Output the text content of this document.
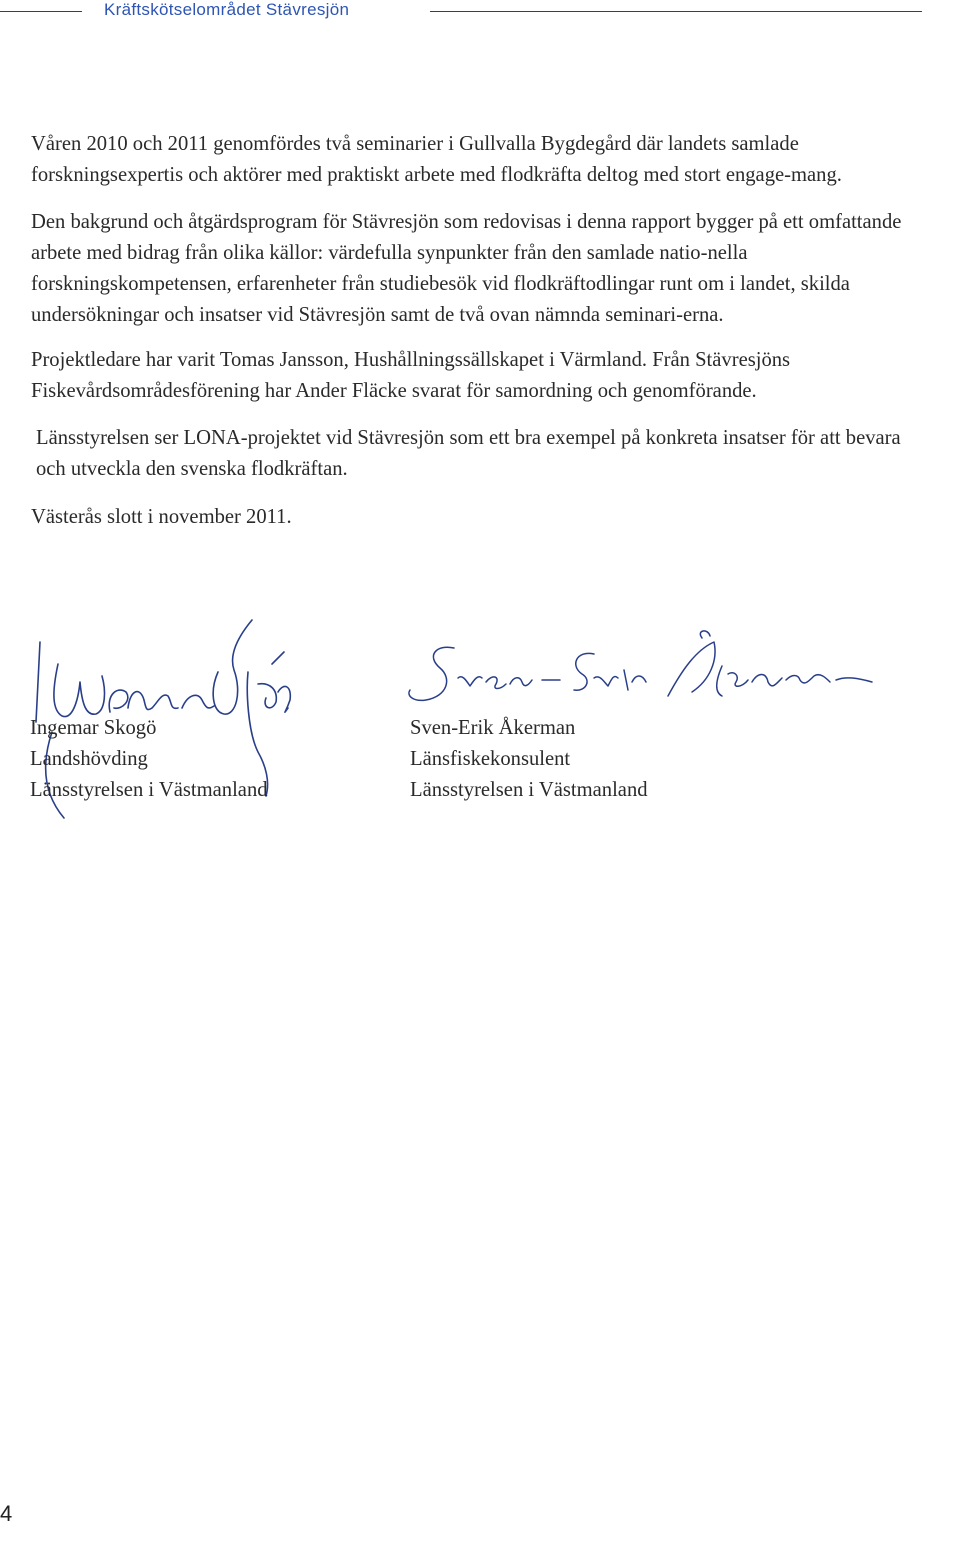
Kräftskötselområdet Stävresjön

Våren 2010 och 2011 genomfördes två seminarier i Gullvalla Bygdegård där landets samlade forskningsexpertis och aktörer med praktiskt arbete med flodkräfta deltog med stort engage-mang.

Den bakgrund och åtgärdsprogram för Stävresjön som redovisas i denna rapport bygger på ett omfattande arbete med bidrag från olika källor: värdefulla synpunkter från den samlade natio-nella forskningskompetensen, erfarenheter från studiebesök vid flodkräftodlingar runt om i landet, skilda undersökningar och insatser vid Stävresjön samt de två ovan nämnda seminari-erna.

Projektledare har varit Tomas Jansson, Hushållningssällskapet i Värmland. Från Stävresjöns Fiskevårdsområdesförening har Ander Fläcke svarat för samordning och genomförande.

Länsstyrelsen ser LONA-projektet vid Stävresjön som ett bra exempel på konkreta insatser för att bevara och utveckla den svenska flodkräftan.

Västerås slott i november 2011.

Ingemar Skogö
Landshövding
Länsstyrelsen i Västmanland
Sven-Erik Åkerman
Länsfiskekonsulent
Länsstyrelsen i Västmanland
4
